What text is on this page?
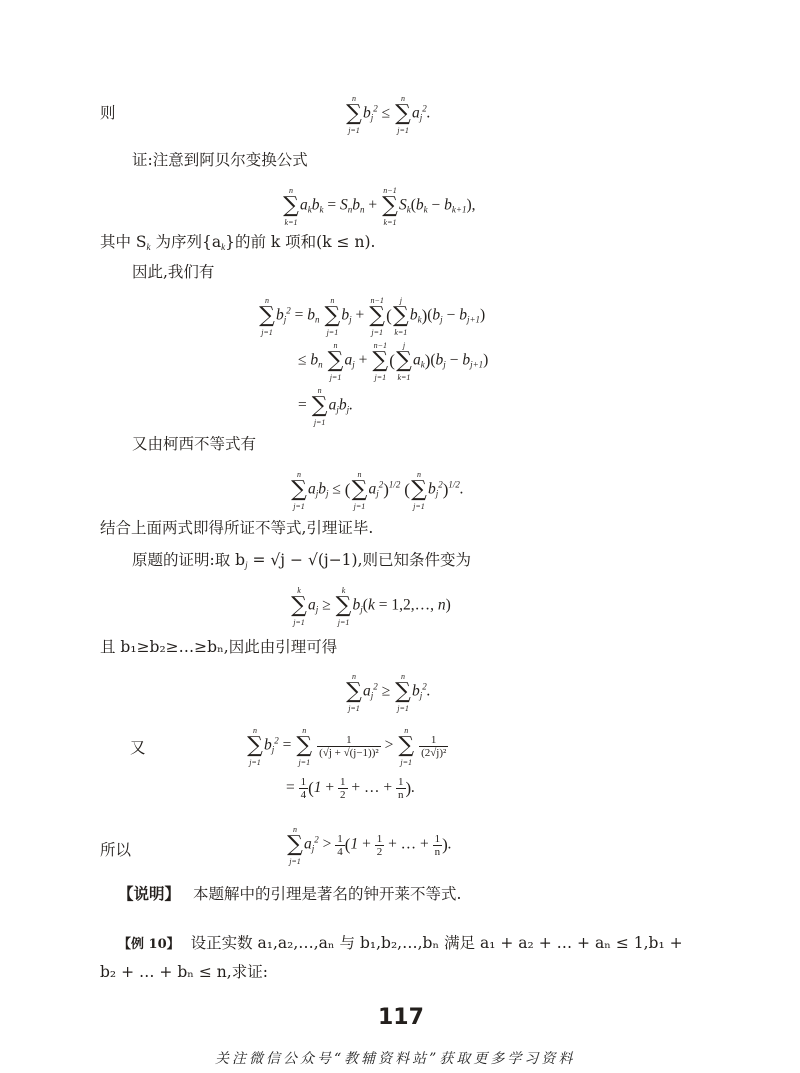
则
n
∑
j=1
$bj^2$ ≤
n
∑
j=1
$aj^2$.
证:注意到阿贝尔变换公式
n
∑
k=1
akbk = Snbn +
n−1
∑
k=1
Sk(bk − bk+1),
其中 Sk 为序列{ak}的前 k 项和(k ≤ n).
因此,我们有
n
∑
j=1
$bj^2$ = bn
n
∑
j=1
bj +
n−1
∑
j=1
(
j
∑
k=1
bk)(bj − bj+1)
≤ bn
n
∑
j=1
aj +
n−1
∑
j=1
(
j
∑
k=1
ak)(bj − bj+1)
=
n
∑
j=1
ajbj.
又由柯西不等式有
n
∑
j=1
ajbj ≤ (
n
∑
j=1
$aj^2)^{1/2}$ (
n
∑
j=1
$bj^2)^{1/2}$.
结合上面两式即得所证不等式,引理证毕.
原题的证明:取 bj = √j − √(j−1),则已知条件变为
k
∑
j=1
aj ≥
k
∑
j=1
bj(k = 1,2,…, n)
且 b₁≥b₂≥…≥bₙ,因此由引理可得
n
∑
j=1
$aj^2$ ≥
n
∑
j=1
$bj^2$.
又
n
∑
j=1
$bj^2$ =
n
∑
j=1

$\frac{1}{\text{(√j + √(j−1))²}}$ >
n
∑
j=1

$\frac{1}{\text{(2√j)²}}$
= $\frac{1}{4} (1 + \frac{1}{2}$ + … + $\frac{1}{n}$ ).
所以
n
∑
j=1
$aj^2 > \frac{1}{4} (1 + \frac{1}{2}$ + … + $\frac{1}{n}$ ).
【说明】 本题解中的引理是著名的钟开莱不等式.
【例 10】 设正实数 a₁,a₂,…,aₙ 与 b₁,b₂,…,bₙ 满足 a₁ + a₂ + … + aₙ ≤ 1,b₁ +
b₂ + … + bₙ ≤ n,求证:
117
关注微信公众号“教辅资料站”获取更多学习资料
